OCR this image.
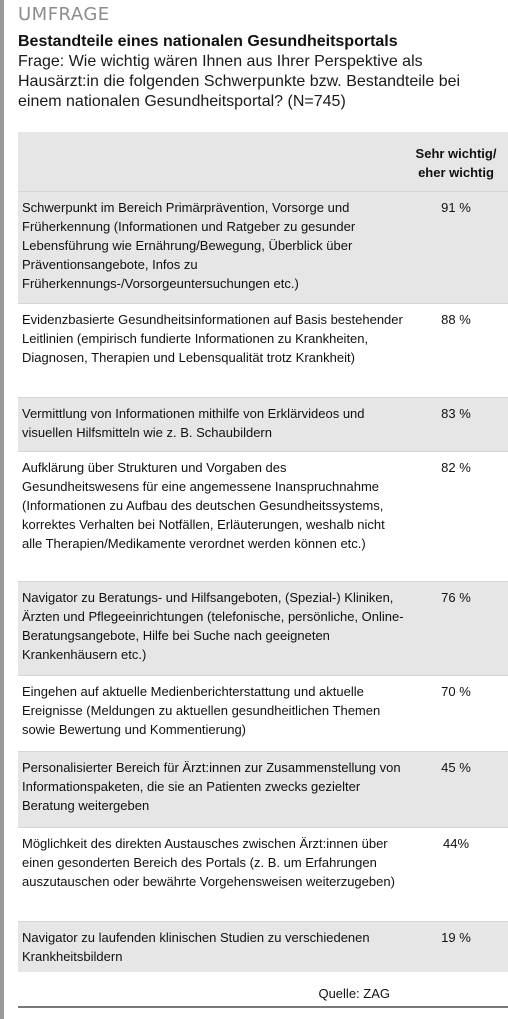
UMFRAGE
Bestandteile eines nationalen Gesundheitsportals
Frage: Wie wichtig wären Ihnen aus Ihrer Perspektive als Hausärzt:in die folgenden Schwerpunkte bzw. Bestandteile bei einem nationalen Gesundheitsportal? (N=745)
Sehr wichtig/ eher wichtig
Schwerpunkt im Bereich Primärprävention, Vorsorge und Früherkennung (Informationen und Ratgeber zu gesunder Lebensführung wie Ernährung/Bewegung, Überblick über Präventionsangebote, Infos zu Früherkennungs-/Vorsorgeuntersuchungen etc.)
91 %
Evidenzbasierte Gesundheitsinformationen auf Basis bestehender Leitlinien (empirisch fundierte Informationen zu Krankheiten, Diagnosen, Therapien und Lebensqualität trotz Krankheit)
88 %
Vermittlung von Informationen mithilfe von Erklärvideos und visuellen Hilfsmitteln wie z. B. Schaubildern
83 %
Aufklärung über Strukturen und Vorgaben des Gesundheitswesens für eine angemessene Inanspruchnahme (Informationen zu Aufbau des deutschen Gesundheitssystems, korrektes Verhalten bei Notfällen, Erläuterungen, weshalb nicht alle Therapien/Medikamente verordnet werden können etc.)
82 %
Navigator zu Beratungs- und Hilfsangeboten, (Spezial-) Kliniken, Ärzten und Pflegeeinrichtungen (telefonische, persönliche, Online-Beratungsangebote, Hilfe bei Suche nach geeigneten Krankenhäusern etc.)
76 %
Eingehen auf aktuelle Medienberichterstattung und aktuelle Ereignisse (Meldungen zu aktuellen gesundheitlichen Themen sowie Bewertung und Kommentierung)
70 %
Personalisierter Bereich für Ärzt:innen zur Zusammenstellung von Informationspaketen, die sie an Patienten zwecks gezielter Beratung weitergeben
45 %
Möglichkeit des direkten Austausches zwischen Ärzt:innen über einen gesonderten Bereich des Portals (z. B. um Erfahrungen auszutauschen oder bewährte Vorgehensweisen weiterzugeben)
44%
Navigator zu laufenden klinischen Studien zu verschiedenen Krankheitsbildern
19 %
Quelle: ZAG
